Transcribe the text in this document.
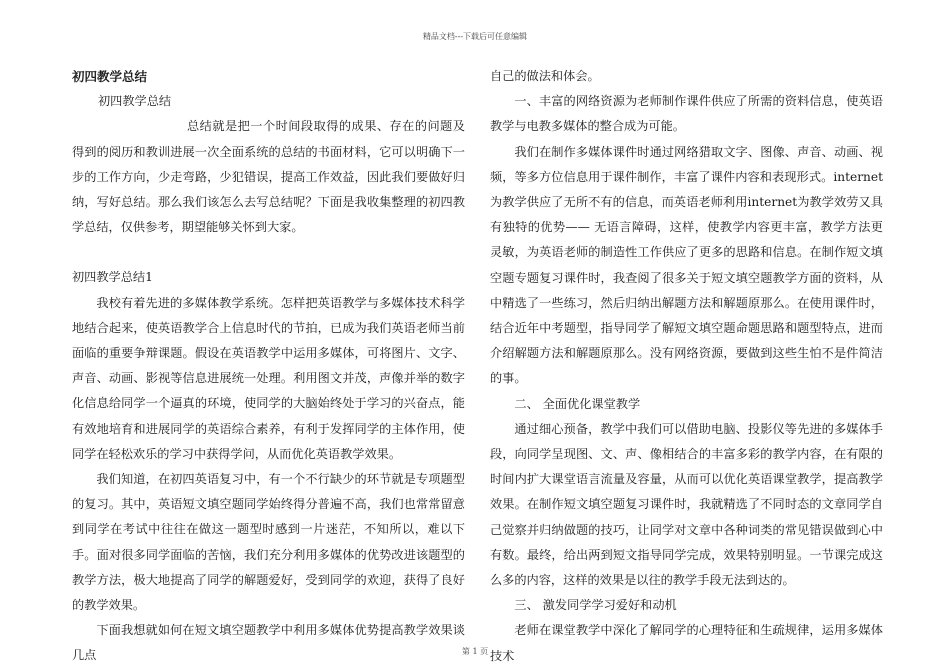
精品文档---下载后可任意编辑

初四教学总结

初四教学总结

总结就是把一个时间段取得的成果、存在的问题及得到的阅历和教训进展一次全面系统的总结的书面材料，它可以明确下一步的工作方向，少走弯路，少犯错误，提高工作效益，因此我们要做好归纳，写好总结。那么我们该怎么去写总结呢？下面是我收集整理的初四教学总结，仅供参考，期望能够关怀到大家。

初四教学总结1

我校有着先进的多媒体教学系统。怎样把英语教学与多媒体技术科学地结合起来，使英语教学合上信息时代的节拍，已成为我们英语老师当前面临的重要争辩课题。假设在英语教学中运用多媒体，可将图片、文字、声音、动画、影视等信息进展统一处理。利用图文并茂，声像并举的数字化信息给同学一个逼真的环境，使同学的大脑始终处于学习的兴奋点，能有效地培育和进展同学的英语综合素养，有利于发挥同学的主体作用，使同学在轻松欢乐的学习中获得学问，从而优化英语教学效果。

我们知道，在初四英语复习中，有一个不行缺少的环节就是专项题型的复习。其中，英语短文填空题同学始终得分普遍不高，我们也常常留意到同学在考试中往往在做这一题型时感到一片迷茫，不知所以，难以下手。面对很多同学面临的苦恼，我们充分利用多媒体的优势改进该题型的教学方法，极大地提高了同学的解题爱好，受到同学的欢迎，获得了良好的教学效果。

下面我想就如何在短文填空题教学中利用多媒体优势提高教学效果谈几点

自己的做法和体会。

一、丰富的网络资源为老师制作课件供应了所需的资料信息，使英语教学与电教多媒体的整合成为可能。

我们在制作多媒体课件时通过网络猎取文字、图像、声音、动画、视频，等多方位信息用于课件制作，丰富了课件内容和表现形式。internet为教学供应了无所不有的信息，而英语老师利用internet为教学效劳又具有独特的优势—— 无语言障碍，这样，使教学内容更丰富，教学方法更灵敏，为英语老师的制造性工作供应了更多的思路和信息。在制作短文填空题专题复习课件时，我查阅了很多关于短文填空题教学方面的资料，从中精选了一些练习，然后归纳出解题方法和解题原那么。在使用课件时，结合近年中考题型，指导同学了解短文填空题命题思路和题型特点，进而介绍解题方法和解题原那么。没有网络资源，要做到这些生怕不是件简洁的事。

二、 全面优化课堂教学

通过细心预备，教学中我们可以借助电脑、投影仪等先进的多媒体手段，向同学呈现图、文、声、像相结合的丰富多彩的教学内容，在有限的时间内扩大课堂语言流量及容量，从而可以优化英语课堂教学，提高教学效果。在制作短文填空题复习课件时，我就精选了不同时态的文章同学自己觉察并归纳做题的技巧，让同学对文章中各种词类的常见错误做到心中有数。最终，给出两到短文指导同学完成，效果特别明显。一节课完成这么多的内容，这样的效果是以往的教学手段无法到达的。

三、 激发同学学习爱好和动机

老师在课堂教学中深化了解同学的心理特征和生疏规律，运用多媒体技术

第 1 页
